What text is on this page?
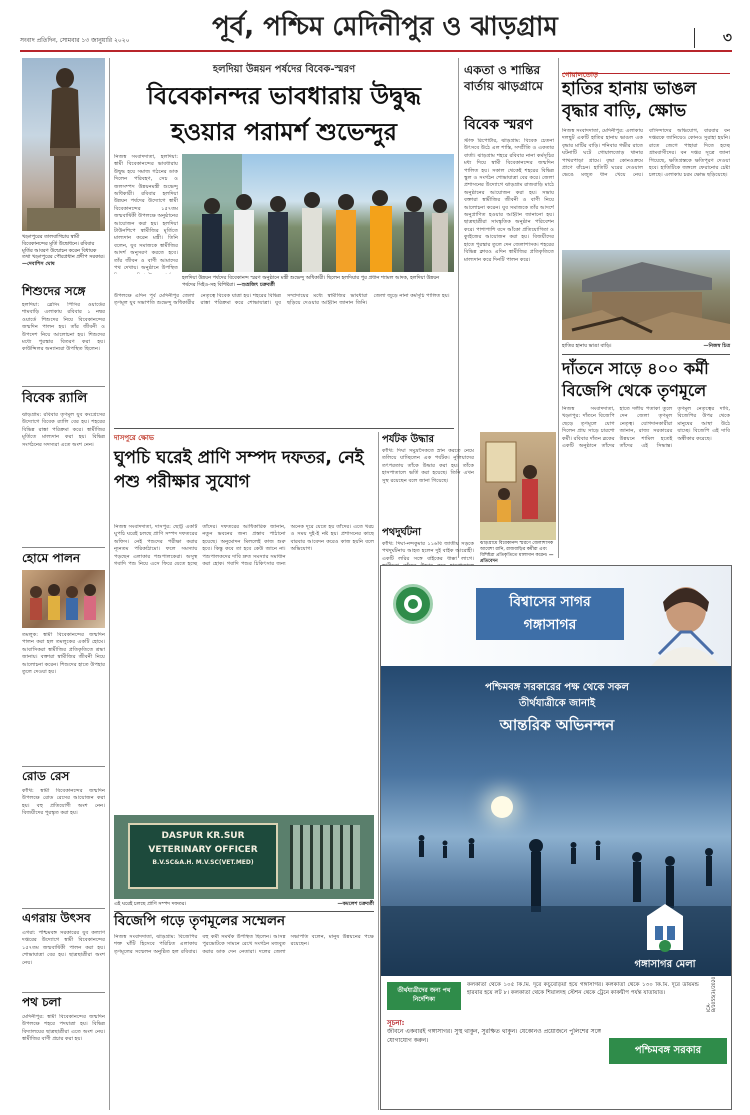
সংবাদ প্রতিদিন, সোমবার ১৩ জানুয়ারি ২০২০	পূর্ব, পশ্চিম মেদিনীপুর ও ঝাড়গ্রাম	৩
খড়্গপুরের তালবাগিচায় স্বামী বিবেকানন্দের মূর্তি উদ্বোধনে। রবিবার মূর্তির আবরণ উন্মোচন করেন বিধায়ক তথা খড়্গপুরের পৌরপ্রধান প্রদীপ সরকার। —দেবাশিস ঘোষ
শিশুদের সঙ্গে
হলদিয়া: ব্লেসিং পিসির ওয়ার্ডের শামবাড়ি এলাকায় রবিবার ১ নম্বর ওয়ার্ডে শিশুদের নিয়ে বিবেকানন্দের জন্মদিন পালন হয়। তাঁর জীবনী ও উপদেশ নিয়ে আলোচনা হয়। শিশুদের মধ্যে পুরস্কার বিতরণ করা হয়। কাউন্সিলর অন্যান্যরা উপস্থিত ছিলেন।
বিবেক র‍্যালি
ঝাড়গ্রাম: রবিবার তৃণমূল যুব কংগ্রেসের উদ্যোগে বিবেক র‍্যালি বের হয়। শহরের বিভিন্ন রাস্তা পরিক্রমা করে। স্বামীজির মূর্তিতে মাল্যদান করা হয়। বিভিন্ন সংগঠনের সদস্যরা এতে অংশ নেন।
হোমে পালন
তমলুক: স্বামী বিবেকানন্দের জন্মদিন পালন করা হল তমলুকের একটি হোমে। আবাসিকরা স্বামীজির প্রতিকৃতিতে শ্রদ্ধা জানায়। বক্তারা স্বামীজির জীবনী নিয়ে আলোচনা করেন। শিশুদের হাতে উপহার তুলে দেওয়া হয়।
রোড রেস
কাঁথি: স্বামী বিবেকানন্দের জন্মদিন উপলক্ষে রোড রেসের আয়োজন করা হয়। বহু প্রতিযোগী অংশ নেন। বিজয়ীদের পুরস্কৃত করা হয়।
এগরায় উৎসব
এগরা: পশ্চিমবঙ্গ সরকারের যুব কল্যাণ দপ্তরের উদ্যোগে স্বামী বিবেকানন্দের ১৫৭তম জন্মবার্ষিকী পালন করা হয়। শোভাযাত্রা বের হয়। ছাত্রছাত্রীরা অংশ নেয়।
পথ চলা
মেদিনীপুর: স্বামী বিবেকানন্দের জন্মদিন উপলক্ষে শহরে পদযাত্রা হয়। বিভিন্ন বিদ্যালয়ের ছাত্রছাত্রীরা এতে অংশ নেয়। স্বামীজির বাণী প্রচার করা হয়।
হলদিয়া উন্নয়ন পর্ষদের বিবেক-স্মরণ
বিবেকানন্দর ভাবধারায় উদ্বুদ্ধ হওয়ার পরামর্শ শুভেন্দুর
নিজস্ব সংবাদদাতা, হলদিয়া: স্বামী বিবেকানন্দের ভাবধারায় উদ্বুদ্ধ হয়ে সমাজ গঠনের ডাক দিলেন পরিবহণ, সেচ ও জলসম্পদ উন্নয়নমন্ত্রী শুভেন্দু অধিকারী। রবিবার হলদিয়া উন্নয়ন পর্ষদের উদ্যোগে স্বামী বিবেকানন্দের ১৫৭তম জন্মবার্ষিকী উপলক্ষে অনুষ্ঠানের আয়োজন করা হয়। হলদিয়া টাউনশিপে স্বামীজির মূর্তিতে মাল্যদান করেন মন্ত্রী। তিনি বলেন, যুব সমাজকে স্বামীজির আদর্শ অনুসরণ করতে হবে। তাঁর জীবন ও বাণী আমাদের পথ দেখায়। অনুষ্ঠানে উপস্থিত
হলদিয়া উন্নয়ন পর্ষদের বিবেকানন্দ স্মরণ অনুষ্ঠানে মন্ত্রী শুভেন্দু অধিকারী। ছিলেন হলদিয়ার পুর প্রধান শ্যামল আদক, হলদিয়া উন্নয়ন পর্ষদের সিইও-সহ বিশিষ্টরা। —শুভ্রজিৎ চক্রবর্তী
উপলক্ষে এদিন পূর্ব মেদিনীপুর জেলা তৃণমূল যুব সভাপতি শুভেন্দু অধিকারীর নেতৃত্বে বিবেক যাত্রা হয়। শহরের বিভিন্ন রাস্তা পরিক্রমা করে শোভাযাত্রা। যুব সম্প্রদায়ের মধ্যে স্বামীজির ভাবধারা ছড়িয়ে দেওয়ার আহ্বান জানান তিনি। জেলা জুড়ে নানা কর্মসূচি পালিত হয়।
একতা ও শান্তির বার্তায় ঝাড়গ্রামে
বিবেক স্মরণ
স্টাফ রিপোর্টার, ঝাড়গ্রাম: বিবেক চেতনা উৎসবে উঠে এল শান্তি, সম্প্রীতি ও একতার বার্তা। ঝাড়গ্রাম শহরে রবিবার নানা কর্মসূচির মধ্য দিয়ে স্বামী বিবেকানন্দের জন্মদিন পালিত হয়। সকাল থেকেই শহরের বিভিন্ন স্কুল ও সংগঠন শোভাযাত্রা বের করে। জেলা প্রশাসনের উদ্যোগে ঝাড়গ্রাম রাজবাড়ি মাঠে অনুষ্ঠানের আয়োজন করা হয়। সভায় বক্তারা স্বামীজির জীবনী ও বাণী নিয়ে আলোচনা করেন। যুব সমাজকে তাঁর আদর্শে অনুপ্রাণিত হওয়ার আহ্বান জানানো হয়। ছাত্রছাত্রীরা সাংস্কৃতিক অনুষ্ঠান পরিবেশন করে। পাশাপাশি বসে আঁকো প্রতিযোগিতা ও ক্যুইজের আয়োজন করা হয়। বিজয়ীদের হাতে পুরস্কার তুলে দেন জেলাশাসক। শহরের বিভিন্ন ক্লাবও এদিন স্বামীজির প্রতিকৃতিতে মাল্যদান করে দিনটি পালন করে।
গোয়ালতোড়
হাতির হানায় ভাঙল বৃদ্ধার বাড়ি, ক্ষোভ
নিজস্ব সংবাদদাতা, মেদিনীপুর: এলাকায় দলছুট একটি হাতির হানায় ভাঙল এক বৃদ্ধার মাটির বাড়ি। শনিবার গভীর রাতে ঘটনাটি ঘটে গোয়ালতোড় থানার পাথরপাড়া গ্রামে। বৃদ্ধা কোনওক্রমে প্রাণে বাঁচেন। হাতিটি ঘরের দেওয়াল ভেঙে মজুত ধান খেয়ে নেয়। বাসিন্দাদের অভিযোগ, বারবার বন দপ্তরকে জানিয়েও কোনও সুরাহা হয়নি। রাতে জেগে পাহারা দিতে হচ্ছে গ্রামবাসীদের। বন দপ্তর সূত্রে জানা গিয়েছে, ক্ষতিগ্রস্তকে ক্ষতিপূরণ দেওয়া হবে। হাতিটিকে জঙ্গলে ফেরানোর চেষ্টা চলছে। এলাকায় চরম ক্ষোভ ছড়িয়েছে।
হাতির হানায় ভাঙা বাড়ি।	—নিজস্ব চিত্র
দাঁতনে সাড়ে ৪০০ কর্মী বিজেপি থেকে তৃণমূলে
নিজস্ব সংবাদদাতা, খড়্গপুর: দাঁতনে বিজেপি ছেড়ে তৃণমূলে যোগ দিলেন প্রায় সাড়ে চারশো কর্মী। রবিবার দাঁতন ব্লকের একটি অনুষ্ঠানে তাঁদের হাতে দলীয় পতাকা তুলে দেন জেলা তৃণমূল নেতৃত্ব। যোগদানকারীরা জানান, রাজ্য সরকারের উন্নয়নে শামিল হতেই তাঁদের এই সিদ্ধান্ত। তৃণমূল নেতৃত্বের দাবি, বিজেপির উপর থেকে মানুষের আস্থা উঠে যাচ্ছে। বিজেপি এই দাবি অস্বীকার করেছে।
দাসপুরে ক্ষোভ
ঘুপচি ঘরেই প্রাণি সম্পদ দফতর, নেই পশু পরীক্ষার সুযোগ
নিজস্ব সংবাদদাতা, দাসপুর: ছোট্ট একটি ঘুপচি ঘরেই চলছে প্রাণি সম্পদ দফতরের অফিস। নেই পশুদের পরীক্ষা করার ন্যূনতম পরিকাঠামো। ফলে সমস্যায় পড়ছেন এলাকার পশুপালকেরা। অসুস্থ গবাদি পশু নিয়ে এসে ফিরে যেতে হচ্ছে তাঁদের। দফতরের আধিকারিক জানান, নতুন ভবনের জন্য প্রস্তাব পাঠানো হয়েছে। অনুমোদন মিললেই কাজ শুরু হবে। কিন্তু কবে তা হবে কেউ জানে না। পশুপালকদের দাবি দ্রুত সমস্যার সমাধান করা হোক। গবাদি পশুর চিকিৎসার জন্য অনেক দূরে যেতে হয় তাঁদের। এতে খরচ ও সময় দুই-ই নষ্ট হয়। প্রশাসনের কাছে বারবার আবেদন করেও কাজ হয়নি বলে অভিযোগ।
DASPUR KR.SUR
VETERINARY OFFICER
B.V.SC&A.H. M.V.SC(VET.MED)
এই ঘরেই চলছে প্রাণি সম্পদ দফতর।	—কমলেশ চক্রবর্তী
বিজেপি গড়ে তৃণমূলের সম্মেলন
নিজস্ব সংবাদদাতা, ঝাড়গ্রাম: বিজেপির শক্ত ঘাঁটি হিসেবে পরিচিত এলাকায় তৃণমূলের সম্মেলন অনুষ্ঠিত হল রবিবার। বহু কর্মী সমর্থক উপস্থিত ছিলেন। আসন্ন পুরভোটকে সামনে রেখে সংগঠন মজবুত করার ডাক দেন নেতারা। দলের জেলা সভাপতি বলেন, মানুষ উন্নয়নের পক্ষে রয়েছেন।
পর্যটক উদ্ধার
কাঁথি: দিঘা সমুদ্রসৈকতে স্নান করতে নেমে তলিয়ে যাচ্ছিলেন এক পর্যটক। নুলিয়াদের তৎপরতায় তাঁকে উদ্ধার করা হয়। তাঁকে হাসপাতালে ভর্তি করা হয়েছে। তিনি এখন সুস্থ রয়েছেন বলে জানা গিয়েছে।
পথদুর্ঘটনা
কাঁথি: দিঘা-নন্দকুমার ১১৬বি জাতীয় সড়কে পথদুর্ঘটনায় আহত হলেন দুই বাইক আরোহী। একটি লরির সঙ্গে বাইকের ধাক্কা লাগে।
ঝাড়গ্রামে বিবেকানন্দ স্মরণে জেলাশাসক আয়েশা রানি, রাজবাড়ির কর্মীরা এবং বিশিষ্টরা প্রতিকৃতিতে মাল্যদান করেন। —প্রতিবেদন
বিশ্বাসের সাগর
গঙ্গাসাগর
পশ্চিমবঙ্গ সরকারের পক্ষ থেকে সকল
তীর্থযাত্রীকে জানাই
আন্তরিক অভিনন্দন
গঙ্গাসাগর মেলা
তীর্থযাত্রীদের জন্য পথ নির্দেশিকা
কলকাতা থেকে ১০৫ কি.মি. দূরে কচুবেড়িয়া হয়ে গঙ্গাসাগর। কলকাতা থেকে ১৩০ কি.মি. দূরে ডায়মন্ড হারবার হয়ে লট ৮। কলকাতা থেকে শিয়ালদহ স্টেশন থেকে ট্রেনে কাকদ্বীপ পর্যন্ত যাতায়াত।
ICA-B/1055(3)/2020
সূচনা:
জীবনে একবারই গঙ্গাসাগর। সুস্থ থাকুন, সুরক্ষিত থাকুন। যেকোনও প্রয়োজনে পুলিশের সঙ্গে যোগাযোগ করুন।
পশ্চিমবঙ্গ সরকার
